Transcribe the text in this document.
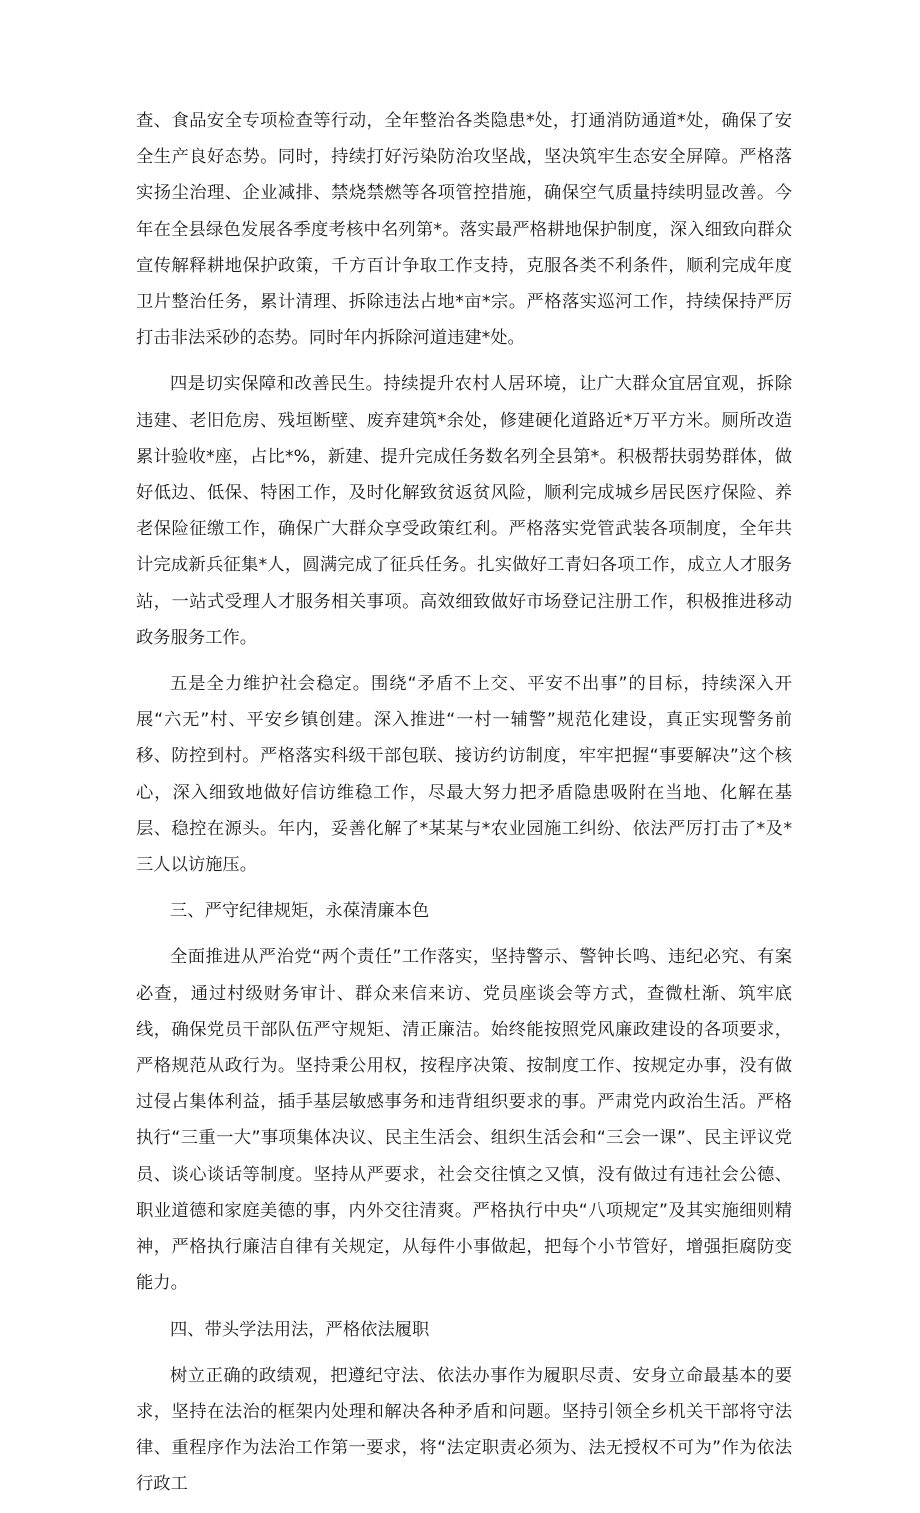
查、食品安全专项检查等行动，全年整治各类隐患*处，打通消防通道*处，确保了安全生产良好态势。同时，持续打好污染防治攻坚战，坚决筑牢生态安全屏障。严格落实扬尘治理、企业减排、禁烧禁燃等各项管控措施，确保空气质量持续明显改善。今年在全县绿色发展各季度考核中名列第*。落实最严格耕地保护制度，深入细致向群众宣传解释耕地保护政策，千方百计争取工作支持，克服各类不利条件，顺利完成年度卫片整治任务，累计清理、拆除违法占地*亩*宗。严格落实巡河工作，持续保持严厉打击非法采砂的态势。同时年内拆除河道违建*处。

四是切实保障和改善民生。持续提升农村人居环境，让广大群众宜居宜观，拆除违建、老旧危房、残垣断壁、废弃建筑*余处，修建硬化道路近*万平方米。厕所改造累计验收*座，占比*%，新建、提升完成任务数名列全县第*。积极帮扶弱势群体，做好低边、低保、特困工作，及时化解致贫返贫风险，顺利完成城乡居民医疗保险、养老保险征缴工作，确保广大群众享受政策红利。严格落实党管武装各项制度，全年共计完成新兵征集*人，圆满完成了征兵任务。扎实做好工青妇各项工作，成立人才服务站，一站式受理人才服务相关事项。高效细致做好市场登记注册工作，积极推进移动政务服务工作。

五是全力维护社会稳定。围绕“矛盾不上交、平安不出事”的目标，持续深入开展“六无”村、平安乡镇创建。深入推进“一村一辅警”规范化建设，真正实现警务前移、防控到村。严格落实科级干部包联、接访约访制度，牢牢把握“事要解决”这个核心，深入细致地做好信访维稳工作，尽最大努力把矛盾隐患吸附在当地、化解在基层、稳控在源头。年内，妥善化解了*某某与*农业园施工纠纷、依法严厉打击了*及*三人以访施压。

三、严守纪律规矩，永葆清廉本色

全面推进从严治党“两个责任”工作落实，坚持警示、警钟长鸣、违纪必究、有案必查，通过村级财务审计、群众来信来访、党员座谈会等方式，查微杜渐、筑牢底线，确保党员干部队伍严守规矩、清正廉洁。始终能按照党风廉政建设的各项要求，严格规范从政行为。坚持秉公用权，按程序决策、按制度工作、按规定办事，没有做过侵占集体利益，插手基层敏感事务和违背组织要求的事。严肃党内政治生活。严格执行“三重一大”事项集体决议、民主生活会、组织生活会和“三会一课”、民主评议党员、谈心谈话等制度。坚持从严要求，社会交往慎之又慎，没有做过有违社会公德、职业道德和家庭美德的事，内外交往清爽。严格执行中央“八项规定”及其实施细则精神，严格执行廉洁自律有关规定，从每件小事做起，把每个小节管好，增强拒腐防变能力。

四、带头学法用法，严格依法履职

树立正确的政绩观，把遵纪守法、依法办事作为履职尽责、安身立命最基本的要求，坚持在法治的框架内处理和解决各种矛盾和问题。坚持引领全乡机关干部将守法律、重程序作为法治工作第一要求，将“法定职责必须为、法无授权不可为”作为依法行政工
